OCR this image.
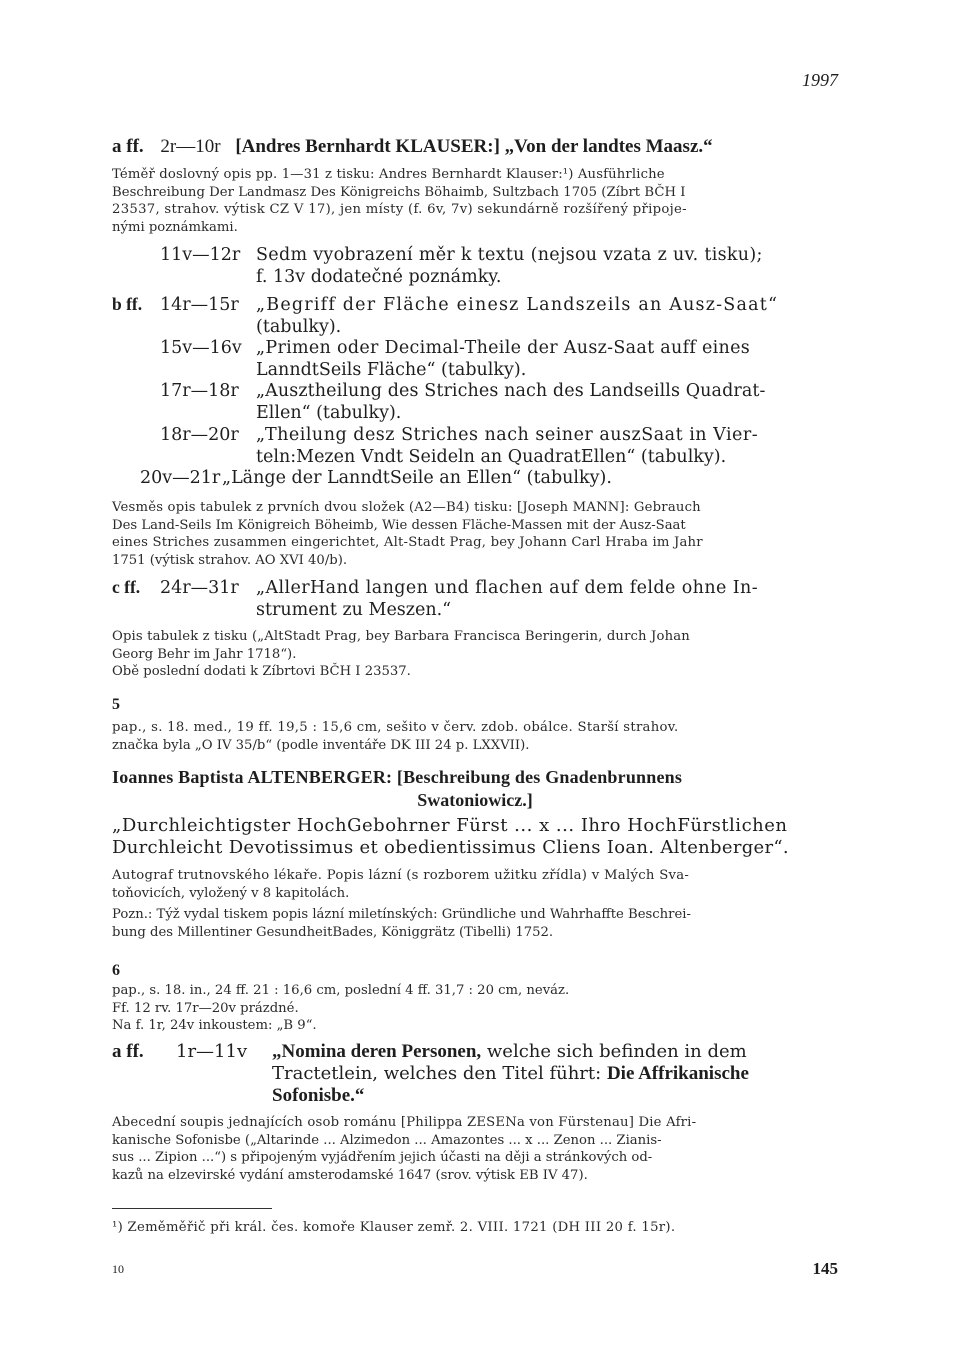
1997
a ff. 2r—10r [Andres Bernhardt KLAUSER:] „Von der landtes Maasz.“
Téměř doslovný opis pp. 1—31 z tisku: Andres Bernhardt Klauser:¹) Ausführliche
Beschreibung Der Landmasz Des Königreichs Böhaimb, Sultzbach 1705 (Zíbrt BČH I
23537, strahov. výtisk CZ V 17), jen místy (f. 6v, 7v) sekundárně rozšířený připoje-
nými poznámkami.
11v—12r Sedm vyobrazení měr k textu (nejsou vzata z uv. tisku);
f. 13v dodatečné poznámky.
b ff. 14r—15r „Begriff der Fläche einesz Landszeils an Ausz-Saat“
(tabulky).
15v—16v „Primen oder Decimal-Theile der Ausz-Saat auff eines
LanndtSeils Fläche“ (tabulky).
17r—18r „Ausztheilung des Striches nach des Landseills Quadrat-
Ellen“ (tabulky).
18r—20r „Theilung desz Striches nach seiner auszSaat in Vier-
teln:Mezen Vndt Seideln an QuadratEllen“ (tabulky).
20v—21r„Länge der LanndtSeile an Ellen“ (tabulky).
Vesměs opis tabulek z prvních dvou složek (A2—B4) tisku: [Joseph MANN]: Gebrauch
Des Land-Seils Im Königreich Böheimb, Wie dessen Fläche-Massen mit der Ausz-Saat
eines Striches zusammen eingerichtet, Alt-Stadt Prag, bey Johann Carl Hraba im Jahr
1751 (výtisk strahov. AO XVI 40/b).
c ff. 24r—31r „AllerHand langen und flachen auf dem felde ohne In-
strument zu Meszen.“
Opis tabulek z tisku („AltStadt Prag, bey Barbara Francisca Beringerin, durch Johan
Georg Behr im Jahr 1718“).
Obě poslední dodati k Zíbrtovi BČH I 23537.
5
pap., s. 18. med., 19 ff. 19,5 : 15,6 cm, sešito v červ. zdob. obálce. Starší strahov.
značka byla „O IV 35/b“ (podle inventáře DK III 24 p. LXXVII).
Ioannes Baptista ALTENBERGER: [Beschreibung des Gnadenbrunnens
Swatoniowicz.]
„Durchleichtigster HochGebohrner Fürst ... x ... Ihro HochFürstlichen
Durchleicht Devotissimus et obedientissimus Cliens Ioan. Altenberger“.
Autograf trutnovského lékaře. Popis lázní (s rozborem užitku zřídla) v Malých Sva-
toňovicích, vyložený v 8 kapitolách.
Pozn.: Týž vydal tiskem popis lázní miletínských: Gründliche und Wahrhaffte Beschrei-
bung des Millentiner GesundheitBades, Königgrätz (Tibelli) 1752.
6
pap., s. 18. in., 24 ff. 21 : 16,6 cm, poslední 4 ff. 31,7 : 20 cm, neváz.
Ff. 12 rv. 17r—20v prázdné.
Na f. 1r, 24v inkoustem: „B 9“.
a ff. 1r—11v „Nomina deren Personen, welche sich befinden in dem
Tractetlein, welches den Titel führt: Die Affrikanische
Sofonisbe.“
Abecední soupis jednajících osob románu [Philippa ZESENa von Fürstenau] Die Afri-
kanische Sofonisbe („Altarinde ... Alzimedon ... Amazontes ... x ... Zenon ... Zianis-
sus ... Zipion ...“) s připojeným vyjádřením jejich účasti na ději a stránkových od-
kazů na elzevirské vydání amsterodamské 1647 (srov. výtisk EB IV 47).
¹) Zeměměřič při král. čes. komoře Klauser zemř. 2. VIII. 1721 (DH III 20 f. 15r).
10	145
